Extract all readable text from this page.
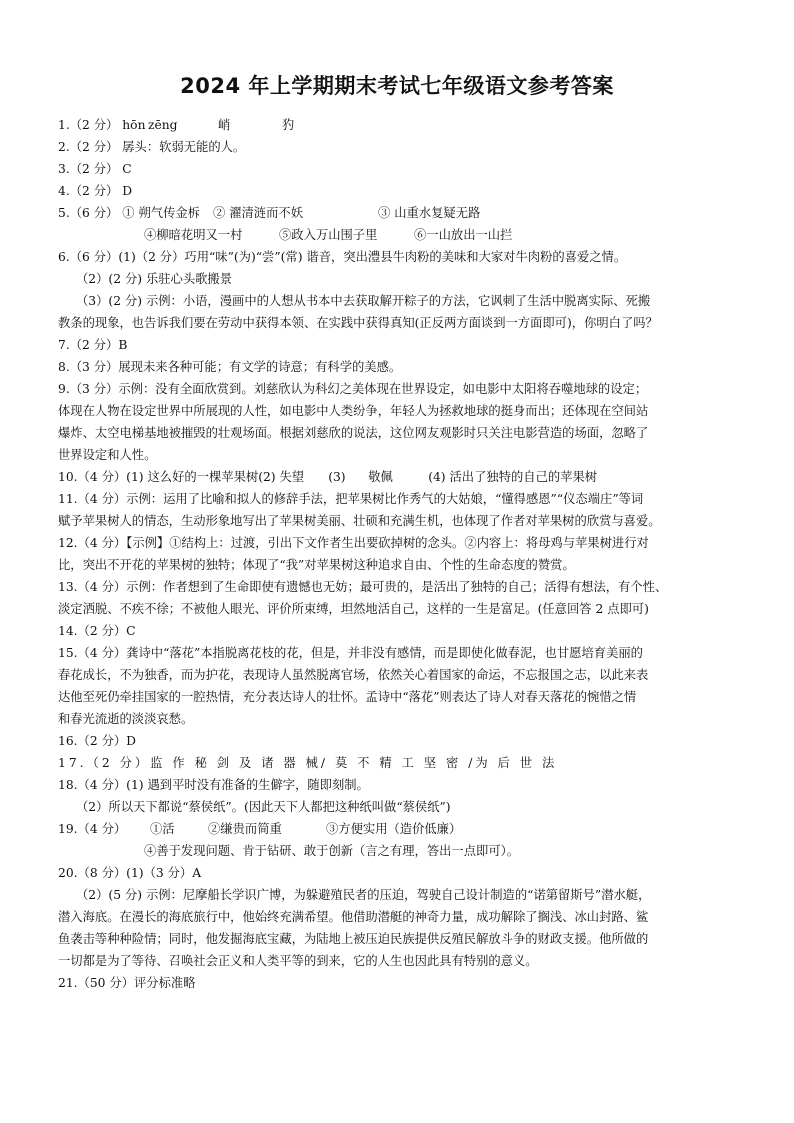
2024 年上学期期末考试七年级语文参考答案
1.（2 分） hōn zēng	峭	犳
2.（2 分） 孱头：软弱无能的人。
3.（2 分） C
4.（2 分） D
5.（6 分） ① 朔气传金柝 ② 濯清涟而不妖	③ 山重水复疑无路
④柳暗花明又一村	⑤政入万山围子里	⑥一山放出一山拦
6.（6 分）(1)（2 分）巧用“味”(为)“尝”(常) 谐音，突出澧县牛肉粉的美味和大家对牛肉粉的喜爱之情。
（2）(2 分) 乐驻心头歌搬景
（3）(2 分) 示例：小语，漫画中的人想从书本中去获取解开粽子的方法，它讽刺了生活中脱离实际、死搬
教条的现象，也告诉我们要在劳动中获得本领、在实践中获得真知(正反两方面谈到一方面即可)，你明白了吗？
7.（2 分）B
8.（3 分）展现未来各种可能；有文学的诗意；有科学的美感。
9.（3 分）示例：没有全面欣赏到。刘慈欣认为科幻之美体现在世界设定，如电影中太阳将吞噬地球的设定；
体现在人物在设定世界中所展现的人性，如电影中人类纷争，年轻人为拯救地球的挺身而出；还体现在空间站
爆炸、太空电梯基地被摧毁的壮观场面。根据刘慈欣的说法，这位网友观影时只关注电影营造的场面，忽略了
世界设定和人性。
10.（4 分）(1) 这么好的一棵苹果树(2) 失望 (3) 敬佩	(4) 活出了独特的自己的苹果树
11.（4 分）示例：运用了比喻和拟人的修辞手法，把苹果树比作秀气的大姑娘，“懂得感恩”“仪态端庄”等词
赋予苹果树人的情态，生动形象地写出了苹果树美丽、壮硕和充满生机，也体现了作者对苹果树的欣赏与喜爱。
12.（4 分）【示例】①结构上：过渡，引出下文作者生出要砍掉树的念头。②内容上：将母鸡与苹果树进行对
比，突出不开花的苹果树的独特；体现了“我”对苹果树这种追求自由、个性的生命态度的赞赏。
13.（4 分）示例：作者想到了生命即使有遗憾也无妨；最可贵的，是活出了独特的自己；活得有想法，有个性、
淡定洒脱、不疾不徐；不被他人眼光、评价所束缚，坦然地活自己，这样的一生是富足。(任意回答 2 点即可)
14.（2 分）C
15.（4 分）龚诗中“落花”本指脱离花枝的花，但是，并非没有感情，而是即使化做春泥，也甘愿培育美丽的
春花成长，不为独香，而为护花，表现诗人虽然脱离官场，依然关心着国家的命运，不忘报国之志，以此来表
达他至死仍牵挂国家的一腔热情，充分表达诗人的壮怀。孟诗中“落花”则表达了诗人对春天落花的惋惜之情
和春光流逝的淡淡哀愁。
16.（2 分）D
17.（2 分）监 作 秘 剑 及 诸 器 械/ 莫 不 精 工 坚 密 /为 后 世 法
18.（4 分）(1) 遇到平时没有准备的生僻字，随即刻制。
（2）所以天下都说“蔡侯纸”。(因此天下人都把这种纸叫做“蔡侯纸”)
19.（4 分） ①活	②缣贵而简重	③方便实用（造价低廉）
④善于发现问题、肯于钻研、敢于创新（言之有理，答出一点即可）。
20.（8 分）(1)（3 分）A
（2）(5 分) 示例：尼摩船长学识广博，为躲避殖民者的压迫，驾驶自己设计制造的“诺第留斯号”潜水艇，
潜入海底。在漫长的海底旅行中，他始终充满希望。他借助潜艇的神奇力量，成功解除了搁浅、冰山封路、鲨
鱼袭击等种种险情；同时，他发掘海底宝藏，为陆地上被压迫民族提供反殖民解放斗争的财政支援。他所做的
一切都是为了等待、召唤社会正义和人类平等的到来，它的人生也因此具有特别的意义。
21.（50 分）评分标准略
